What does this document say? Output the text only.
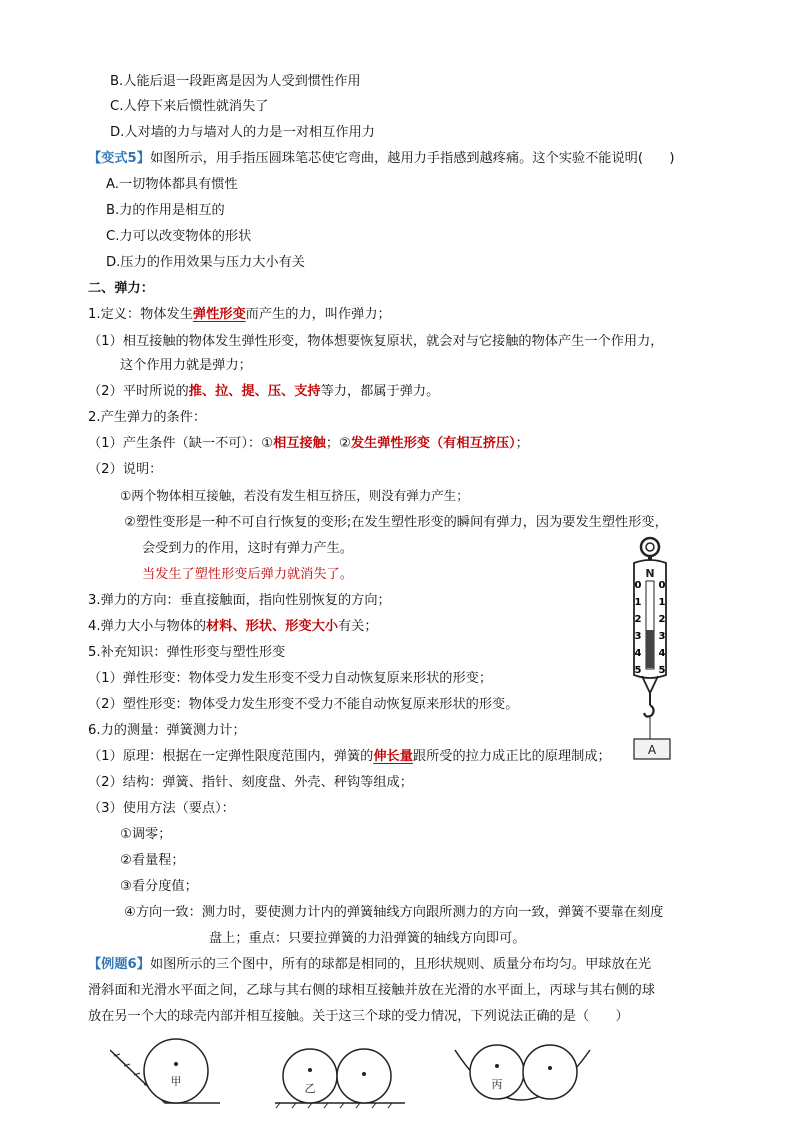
B.人能后退一段距离是因为人受到惯性作用
C.人停下来后惯性就消失了
D.人对墙的力与墙对人的力是一对相互作用力
【变式5】如图所示，用手指压圆珠笔芯使它弯曲，越用力手指感到越疼痛。这个实验不能说明(　　)
A.一切物体都具有惯性
B.力的作用是相互的
C.力可以改变物体的形状
D.压力的作用效果与压力大小有关
二、弹力：
1.定义：物体发生弹性形变而产生的力，叫作弹力；
（1）相互接触的物体发生弹性形变，物体想要恢复原状，就会对与它接触的物体产生一个作用力，
这个作用力就是弹力；
（2）平时所说的推、拉、提、压、支持等力，都属于弹力。
2.产生弹力的条件：
（1）产生条件（缺一不可）：①相互接触；②发生弹性形变（有相互挤压）；
（2）说明：
①两个物体相互接触，若没有发生相互挤压，则没有弹力产生；
②塑性变形是一种不可自行恢复的变形;在发生塑性形变的瞬间有弹力，因为要发生塑性形变，
会受到力的作用，这时有弹力产生。
当发生了塑性形变后弹力就消失了。
3.弹力的方向：垂直接触面，指向性别恢复的方向；
4.弹力大小与物体的材料、形状、形变大小有关；
5.补充知识：弹性形变与塑性形变
（1）弹性形变：物体受力发生形变不受力自动恢复原来形状的形变；
（2）塑性形变：物体受力发生形变不受力不能自动恢复原来形状的形变。
6.力的测量：弹簧测力计；
（1）原理：根据在一定弹性限度范围内，弹簧的伸长量跟所受的拉力成正比的原理制成；
（2）结构：弹簧、指针、刻度盘、外壳、秤钩等组成；
（3）使用方法（要点）：
①调零；
②看量程；
③看分度值；
④方向一致：测力时，要使测力计内的弹簧轴线方向跟所测力的方向一致，弹簧不要靠在刻度
盘上；重点：只要拉弹簧的力沿弹簧的轴线方向即可。
【例题6】如图所示的三个图中，所有的球都是相同的，且形状规则、质量分布均匀。甲球放在光
滑斜面和光滑水平面之间，乙球与其右侧的球相互接触并放在光滑的水平面上，丙球与其右侧的球
放在另一个大的球壳内部并相互接触。关于这三个球的受力情况，下列说法正确的是（　　）
N
0
1
2
3
4
5
0
1
2
3
4
5
A
甲
乙	丙
